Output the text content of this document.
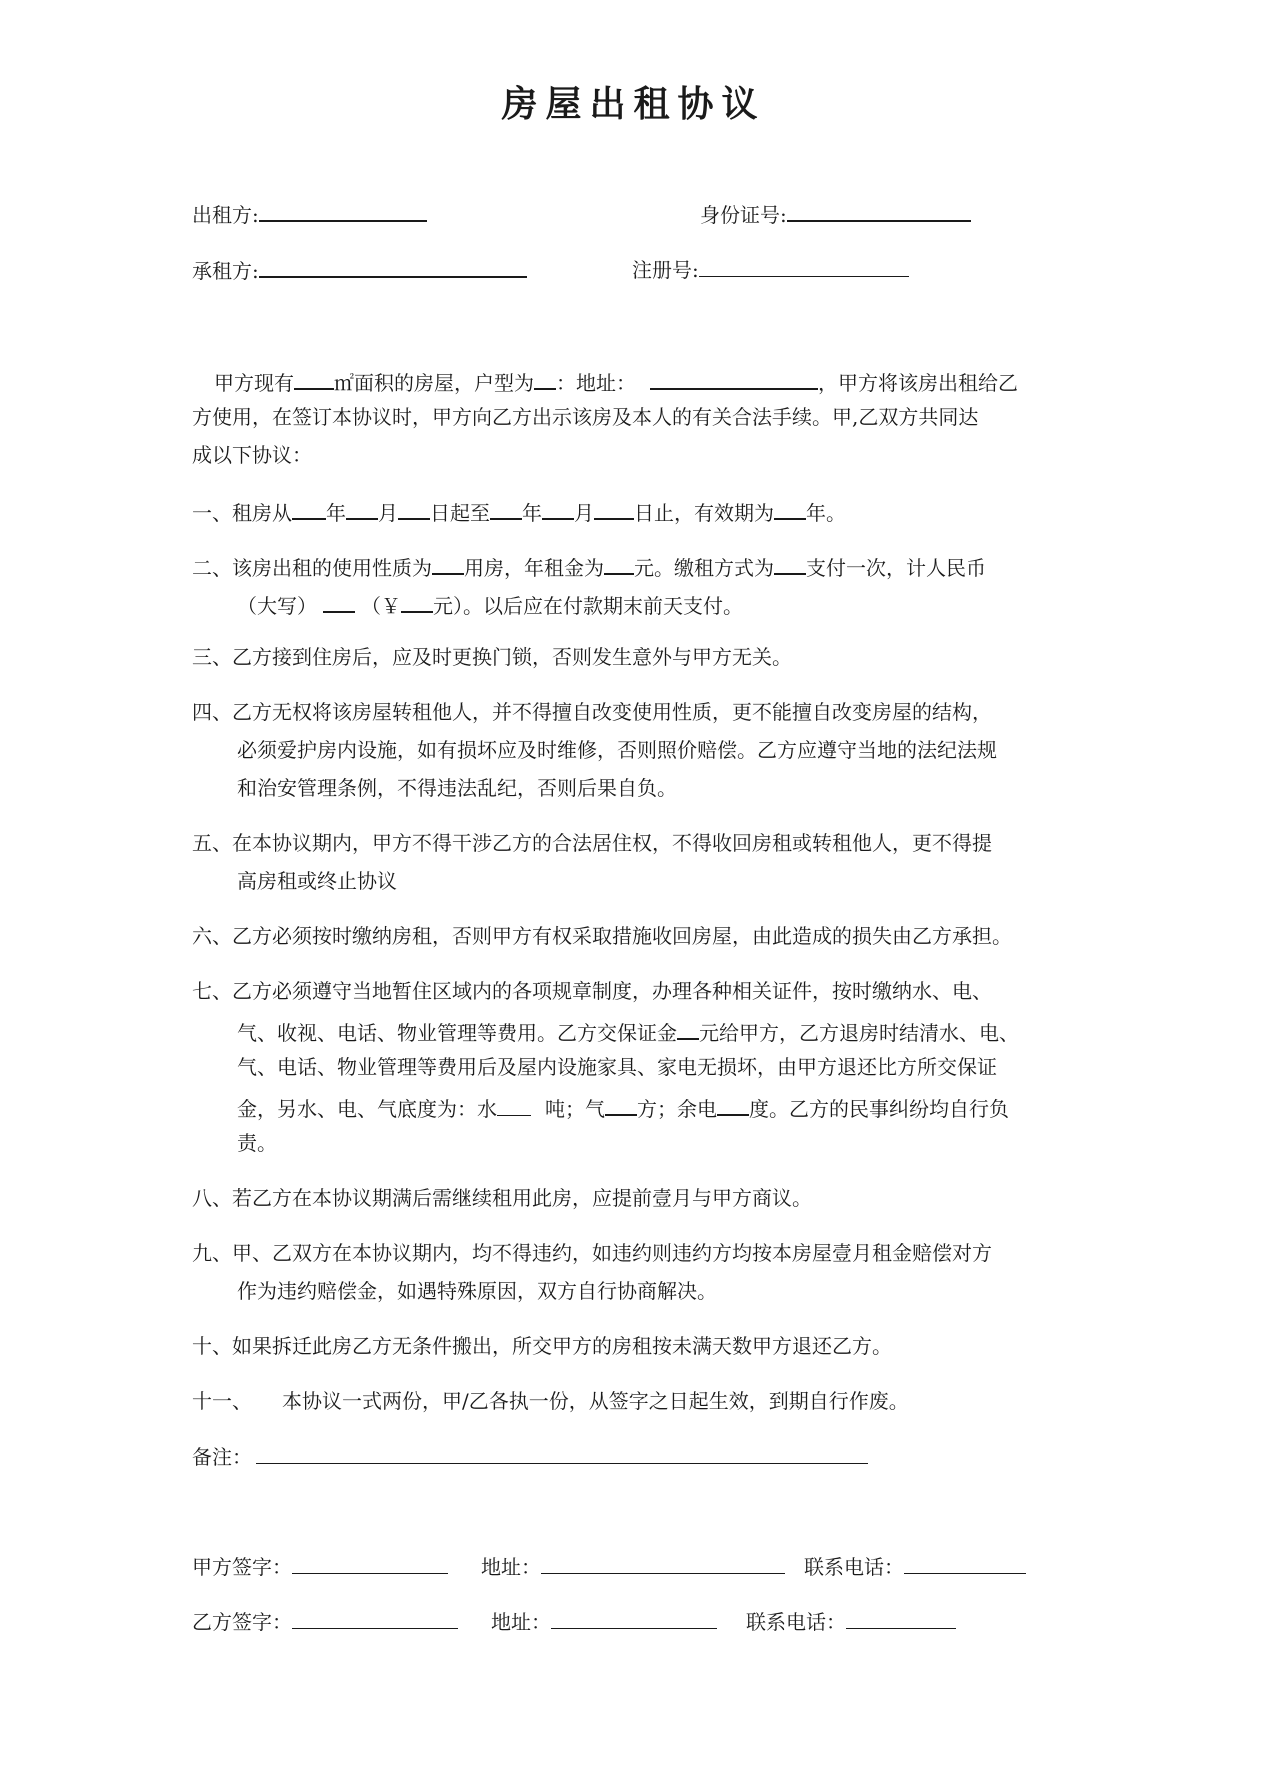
房屋出租协议
出租方:	身份证号:
承租方:	注册号:
甲方现有 ㎡面积的房屋，户型为 ：地址：	，甲方将该房出租给乙
方使用，在签订本协议时，甲方向乙方出示该房及本人的有关合法手续。甲,乙双方共同达
成以下协议：
一、租房从 年 月 日起至 年 月 日止，有效期为 年。
二、该房出租的使用性质为 用房，年租金为 元。缴租方式为 支付一次，计人民币
（大写） （￥ 元）。以后应在付款期末前天支付。
三、乙方接到住房后，应及时更换门锁，否则发生意外与甲方无关。
四、乙方无权将该房屋转租他人，并不得擅自改变使用性质，更不能擅自改变房屋的结构，
必须爱护房内设施，如有损坏应及时维修，否则照价赔偿。乙方应遵守当地的法纪法规
和治安管理条例，不得违法乱纪，否则后果自负。
五、在本协议期内，甲方不得干涉乙方的合法居住权，不得收回房租或转租他人，更不得提
高房租或终止协议
六、乙方必须按时缴纳房租，否则甲方有权采取措施收回房屋，由此造成的损失由乙方承担。
七、乙方必须遵守当地暂住区域内的各项规章制度，办理各种相关证件，按时缴纳水、电、
气、收视、电话、物业管理等费用。乙方交保证金 元给甲方，乙方退房时结清水、电、
气、电话、物业管理等费用后及屋内设施家具、家电无损坏，由甲方退还比方所交保证
金，另水、电、气底度为：水 吨；气 方；余电 度。乙方的民事纠纷均自行负
责。
八、若乙方在本协议期满后需继续租用此房，应提前壹月与甲方商议。
九、甲、乙双方在本协议期内，均不得违约，如违约则违约方均按本房屋壹月租金赔偿对方
作为违约赔偿金，如遇特殊原因，双方自行协商解决。
十、如果拆迁此房乙方无条件搬出，所交甲方的房租按未满天数甲方退还乙方。
十一、 本协议一式两份，甲/乙各执一份，从签字之日起生效，到期自行作废。
备注：
甲方签字：	地址：	联系电话：
乙方签字：	地址：	联系电话：
